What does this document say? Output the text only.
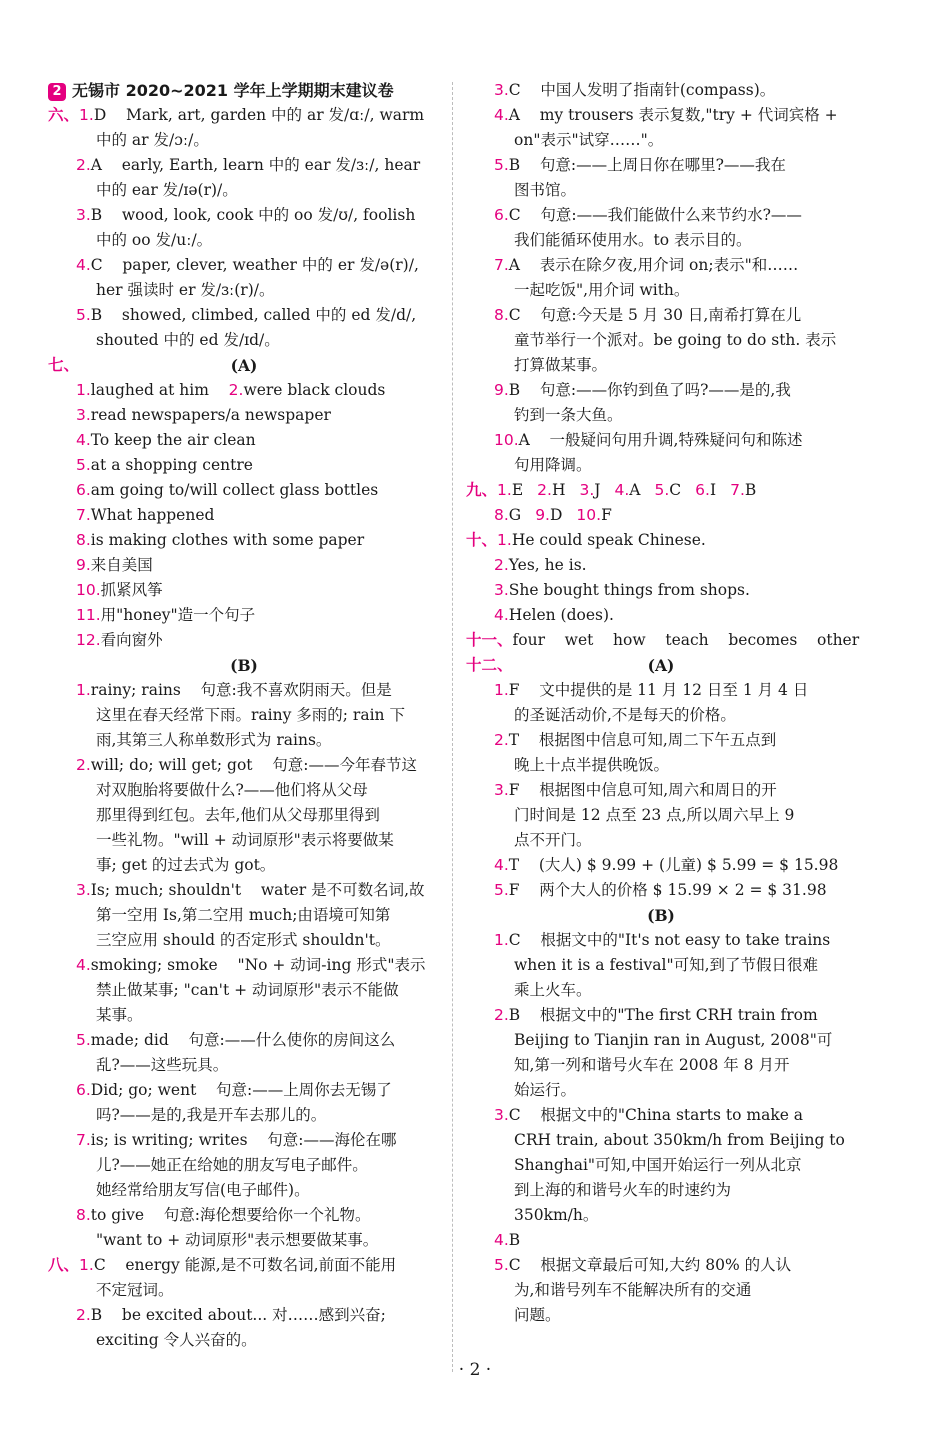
2 无锡市 2020~2021 学年上学期期末建议卷
六、1.D    Mark, art, garden 中的 ar 发/ɑː/, warm
中的 ar 发/ɔː/。
2.A    early, Earth, learn 中的 ear 发/ɜː/, hear
中的 ear 发/ɪə(r)/。
3.B    wood, look, cook 中的 oo 发/ʊ/, foolish
中的 oo 发/uː/。
4.C    paper, clever, weather 中的 er 发/ə(r)/,
her 强读时 er 发/ɜː(r)/。
5.B    showed, climbed, called 中的 ed 发/d/,
shouted 中的 ed 发/ɪd/。
七、	(A)
1.laughed at him    2.were black clouds
3.read newspapers/a newspaper
4.To keep the air clean
5.at a shopping centre
6.am going to/will collect glass bottles
7.What happened
8.is making clothes with some paper
9.来自美国
10.抓紧风筝
11.用"honey"造一个句子
12.看向窗外
(B)
1.rainy; rains    句意:我不喜欢阴雨天。但是
这里在春天经常下雨。rainy 多雨的; rain 下
雨,其第三人称单数形式为 rains。
2.will; do; will get; got    句意:——今年春节这
对双胞胎将要做什么?——他们将从父母
那里得到红包。去年,他们从父母那里得到
一些礼物。"will + 动词原形"表示将要做某
事; get 的过去式为 got。
3.Is; much; shouldn't    water 是不可数名词,故
第一空用 Is,第二空用 much;由语境可知第
三空应用 should 的否定形式 shouldn't。
4.smoking; smoke    "No + 动词-ing 形式"表示
禁止做某事; "can't + 动词原形"表示不能做
某事。
5.made; did    句意:——什么使你的房间这么
乱?——这些玩具。
6.Did; go; went    句意:——上周你去无锡了
吗?——是的,我是开车去那儿的。
7.is; is writing; writes    句意:——海伦在哪
儿?——她正在给她的朋友写电子邮件。
她经常给朋友写信(电子邮件)。
8.to give    句意:海伦想要给你一个礼物。
"want to + 动词原形"表示想要做某事。
八、1.C    energy 能源,是不可数名词,前面不能用
不定冠词。
2.B    be excited about... 对……感到兴奋;
exciting 令人兴奋的。
3.C    中国人发明了指南针(compass)。
4.A    my trousers 表示复数,"try + 代词宾格 +
on"表示"试穿……"。
5.B    句意:——上周日你在哪里?——我在
图书馆。
6.C    句意:——我们能做什么来节约水?——
我们能循环使用水。to 表示目的。
7.A    表示在除夕夜,用介词 on;表示"和……
一起吃饭",用介词 with。
8.C    句意:今天是 5 月 30 日,南希打算在儿
童节举行一个派对。be going to do sth. 表示
打算做某事。
9.B    句意:——你钓到鱼了吗?——是的,我
钓到一条大鱼。
10.A    一般疑问句用升调,特殊疑问句和陈述
句用降调。
九、1.E 2.H 3.J 4.A 5.C 6.I 7.B
8.G 9.D 10.F
十、1.He could speak Chinese.
2.Yes, he is.
3.She bought things from shops.
4.Helen (does).
十一、four    wet    how    teach    becomes    other
十二、	(A)
1.F    文中提供的是 11 月 12 日至 1 月 4 日
的圣诞活动价,不是每天的价格。
2.T    根据图中信息可知,周二下午五点到
晚上十点半提供晚饭。
3.F    根据图中信息可知,周六和周日的开
门时间是 12 点至 23 点,所以周六早上 9
点不开门。
4.T    (大人) $ 9.99 + (儿童) $ 5.99 = $ 15.98
5.F    两个大人的价格 $ 15.99 × 2 = $ 31.98
(B)
1.C    根据文中的"It's not easy to take trains
when it is a festival"可知,到了节假日很难
乘上火车。
2.B    根据文中的"The first CRH train from
Beijing to Tianjin ran in August, 2008"可
知,第一列和谐号火车在 2008 年 8 月开
始运行。
3.C    根据文中的"China starts to make a
CRH train, about 350km/h from Beijing to
Shanghai"可知,中国开始运行一列从北京
到上海的和谐号火车的时速约为
350km/h。
4.B
5.C    根据文章最后可知,大约 80% 的人认
为,和谐号列车不能解决所有的交通
问题。
· 2 ·
